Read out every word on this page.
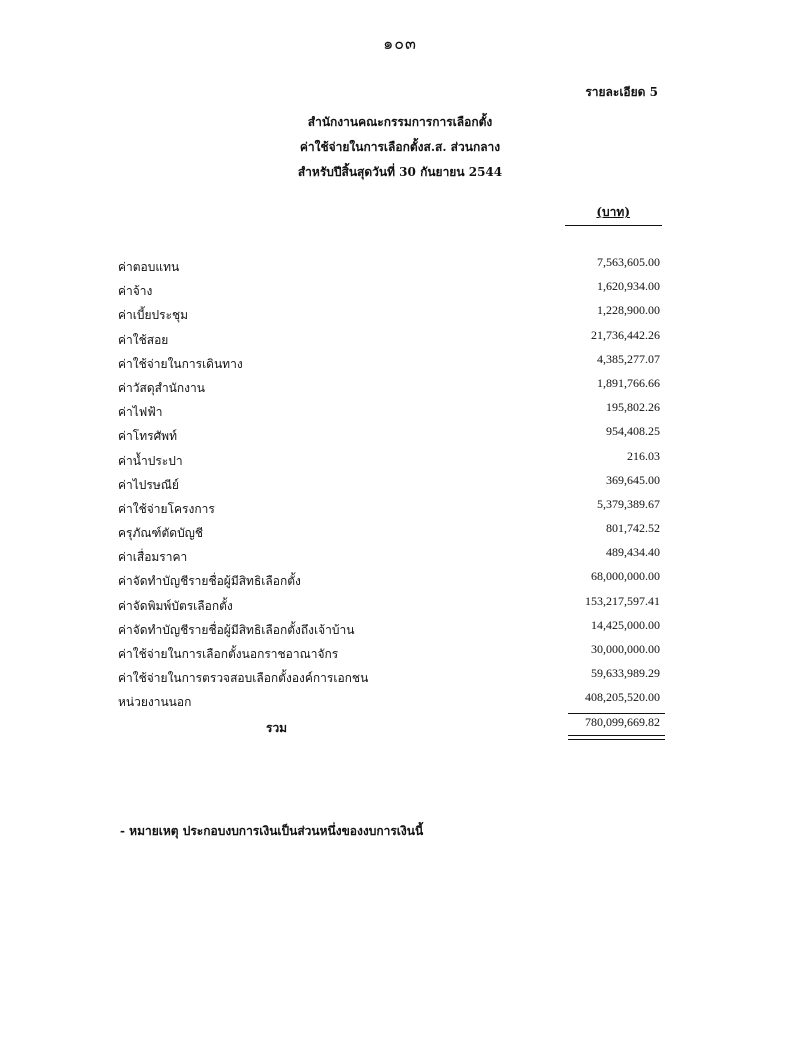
๑๐๓
รายละเอียด 5
สำนักงานคณะกรรมการการเลือกตั้ง
ค่าใช้จ่ายในการเลือกตั้งส.ส. ส่วนกลาง
สำหรับปีสิ้นสุดวันที่ 30 กันยายน 2544
(บาท)
ค่าตอบแทน	7,563,605.00
ค่าจ้าง	1,620,934.00
ค่าเบี้ยประชุม	1,228,900.00
ค่าใช้สอย	21,736,442.26
ค่าใช้จ่ายในการเดินทาง	4,385,277.07
ค่าวัสดุสำนักงาน	1,891,766.66
ค่าไฟฟ้า	195,802.26
ค่าโทรศัพท์	954,408.25
ค่าน้ำประปา	216.03
ค่าไปรษณีย์	369,645.00
ค่าใช้จ่ายโครงการ	5,379,389.67
ครุภัณฑ์ตัดบัญชี	801,742.52
ค่าเสื่อมราคา	489,434.40
ค่าจัดทำบัญชีรายชื่อผู้มีสิทธิเลือกตั้ง	68,000,000.00
ค่าจัดพิมพ์บัตรเลือกตั้ง	153,217,597.41
ค่าจัดทำบัญชีรายชื่อผู้มีสิทธิเลือกตั้งถึงเจ้าบ้าน	14,425,000.00
ค่าใช้จ่ายในการเลือกตั้งนอกราชอาณาจักร	30,000,000.00
ค่าใช้จ่ายในการตรวจสอบเลือกตั้งองค์การเอกชน	59,633,989.29
หน่วยงานนอก	408,205,520.00
รวม	780,099,669.82
- หมายเหตุ ประกอบงบการเงินเป็นส่วนหนึ่งของงบการเงินนี้
